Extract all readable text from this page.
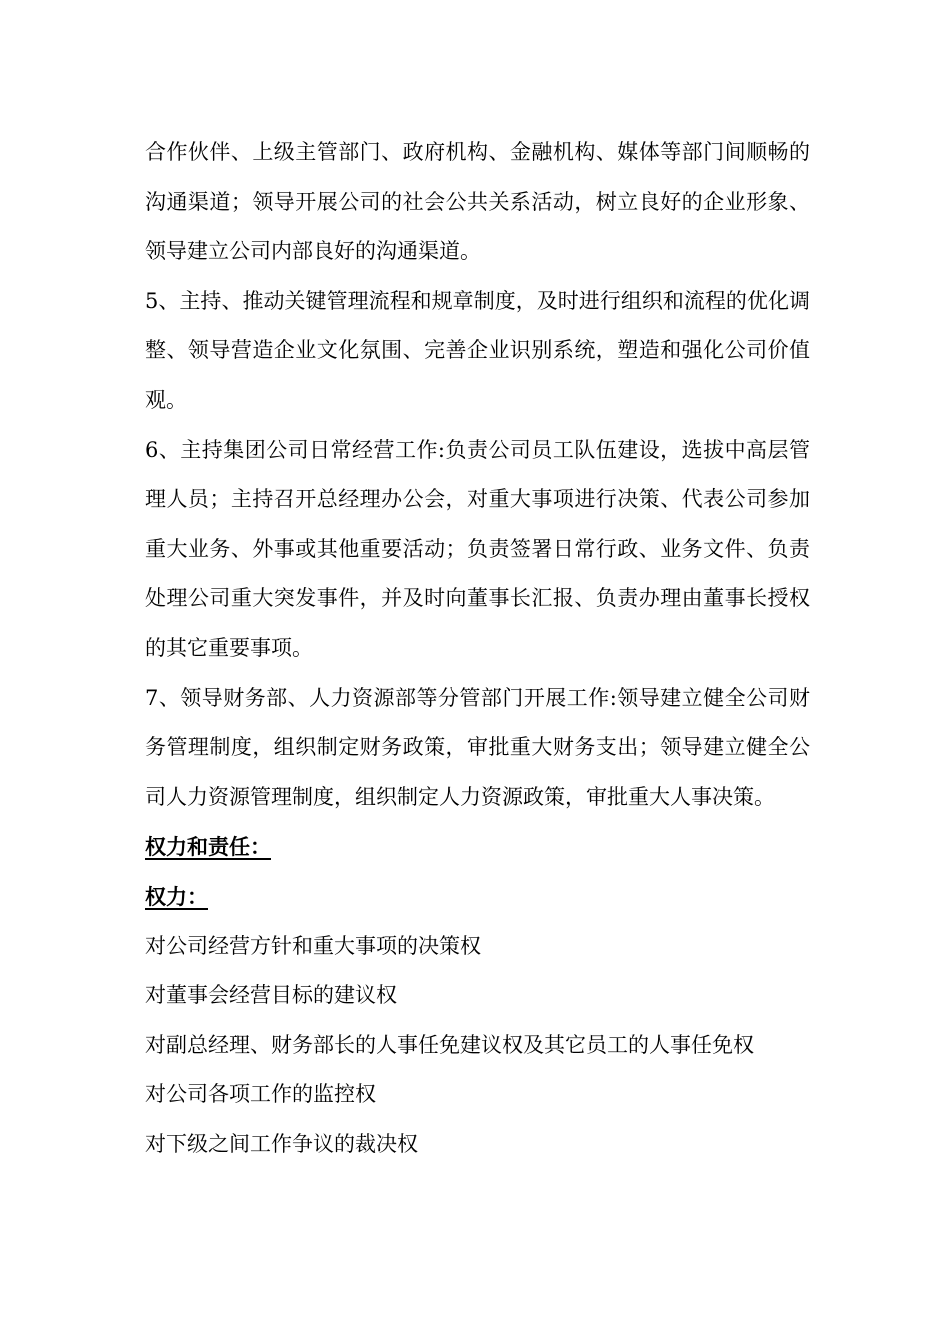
合作伙伴、上级主管部门、政府机构、金融机构、媒体等部门间顺畅的沟通渠道；领导开展公司的社会公共关系活动，树立良好的企业形象、领导建立公司内部良好的沟通渠道。

5、主持、推动关键管理流程和规章制度，及时进行组织和流程的优化调整、领导营造企业文化氛围、完善企业识别系统，塑造和强化公司价值观。

6、主持集团公司日常经营工作:负责公司员工队伍建设，选拔中高层管理人员；主持召开总经理办公会，对重大事项进行决策、代表公司参加重大业务、外事或其他重要活动；负责签署日常行政、业务文件、负责处理公司重大突发事件，并及时向董事长汇报、负责办理由董事长授权的其它重要事项。

7、领导财务部、人力资源部等分管部门开展工作:领导建立健全公司财务管理制度，组织制定财务政策，审批重大财务支出；领导建立健全公司人力资源管理制度，组织制定人力资源政策，审批重大人事决策。

权力和责任：

权力：

对公司经营方针和重大事项的决策权

对董事会经营目标的建议权

对副总经理、财务部长的人事任免建议权及其它员工的人事任免权

对公司各项工作的监控权

对下级之间工作争议的裁决权
